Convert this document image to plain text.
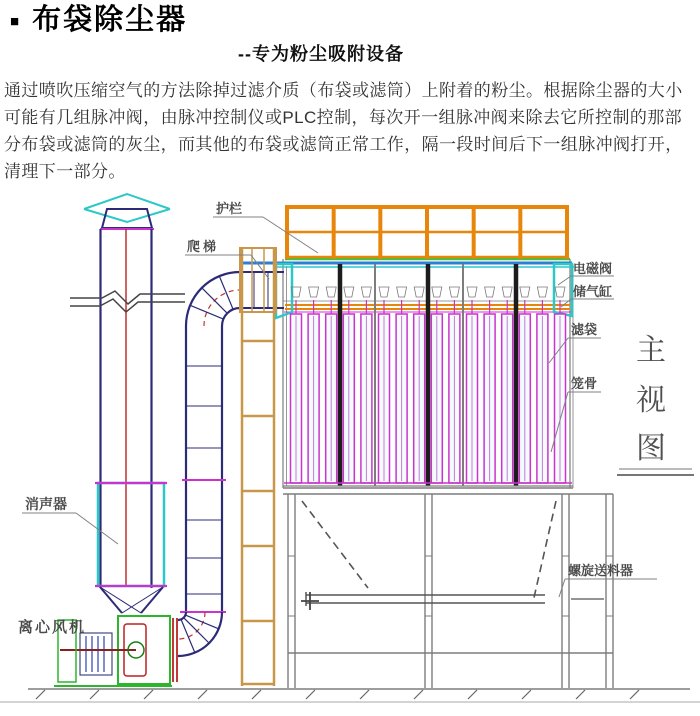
■ 布袋除尘器
--专为粉尘吸附设备
通过喷吹压缩空气的方法除掉过滤介质（布袋或滤筒）上附着的粉尘。根据除尘器的大小可能有几组脉冲阀，由脉冲控制仪或PLC控制，每次开一组脉冲阀来除去它所控制的那部分布袋或滤筒的灰尘，而其他的布袋或滤筒正常工作，隔一段时间后下一组脉冲阀打开，清理下一部分。
护栏
爬梯
电磁阀
储气缸
滤袋
笼骨
消声器
离心风机
螺旋送料器
主
视
图
